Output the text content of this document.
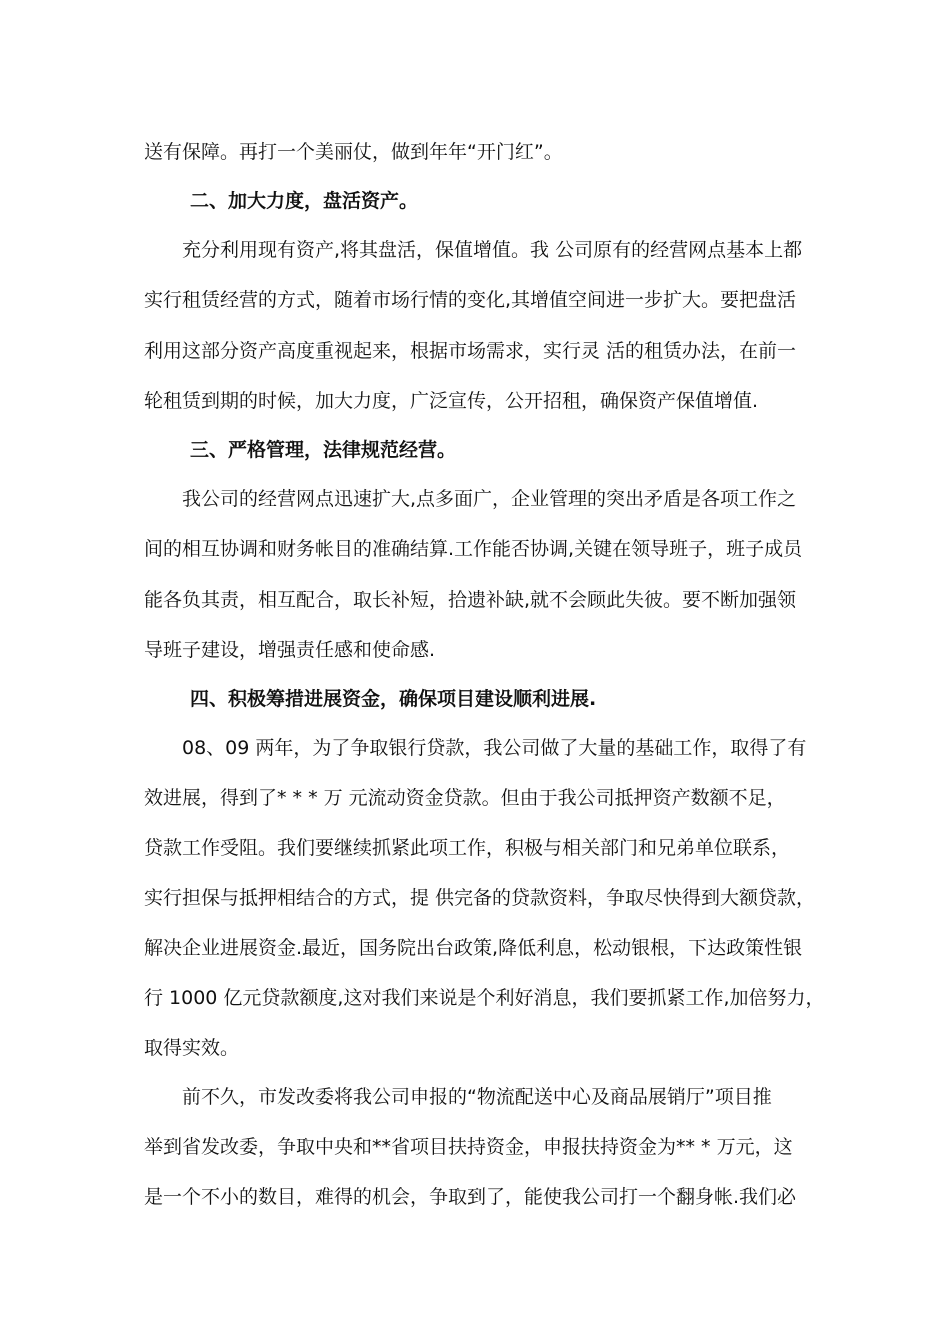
送有保障。再打一个美丽仗，做到年年“开门红”。
二、加大力度，盘活资产。
充分利用现有资产,将其盘活，保值增值。我 公司原有的经营网点基本上都
实行租赁经营的方式，随着市场行情的变化,其增值空间进一步扩大。要把盘活
利用这部分资产高度重视起来，根据市场需求，实行灵 活的租赁办法，在前一
轮租赁到期的时候，加大力度，广泛宣传，公开招租，确保资产保值增值.
三、严格管理，法律规范经营。
我公司的经营网点迅速扩大,点多面广，企业管理的突出矛盾是各项工作之
间的相互协调和财务帐目的准确结算.工作能否协调,关键在领导班子，班子成员
能各负其责，相互配合，取长补短，拾遗补缺,就不会顾此失彼。要不断加强领
导班子建设，增强责任感和使命感.
四、积极筹措进展资金，确保项目建设顺利进展.
08、09 两年，为了争取银行贷款，我公司做了大量的基础工作，取得了有
效进展，得到了* * * 万 元流动资金贷款。但由于我公司抵押资产数额不足，
贷款工作受阻。我们要继续抓紧此项工作，积极与相关部门和兄弟单位联系，
实行担保与抵押相结合的方式，提 供完备的贷款资料，争取尽快得到大额贷款，
解决企业进展资金.最近，国务院出台政策,降低利息，松动银根，下达政策性银
行 1000 亿元贷款额度,这对我们来说是个利好消息，我们要抓紧工作,加倍努力，
取得实效。
前不久，市发改委将我公司申报的“物流配送中心及商品展销厅”项目推
举到省发改委，争取中央和**省项目扶持资金，申报扶持资金为** * 万元，这
是一个不小的数目，难得的机会，争取到了，能使我公司打一个翻身帐.我们必
